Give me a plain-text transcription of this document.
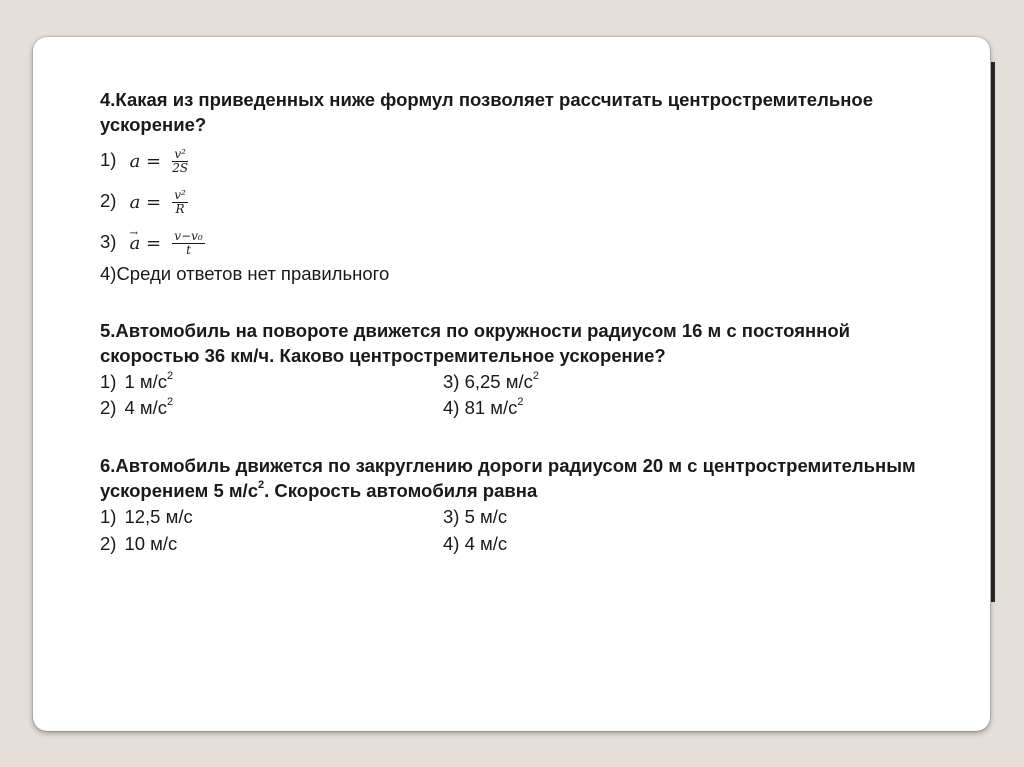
4.Какая из приведенных ниже формул позволяет рассчитать центростремительное
ускорение?
1) $a = \frac{\text{v²}}{2S}$
2) $a = \frac{\text{v²}}{R}$
$3) \to a = \frac{\text{v−v₀}}{t}$
4)Среди ответов нет правильного
5.Автомобиль на повороте движется по окружности радиусом 16 м с постоянной
скоростью 36 км/ч. Каково центростремительное ускорение?
1) 1 $м/с^2$	3) 6,25 $м/с^2$
2) 4 $м/с^2$	4) 81 $м/с^2$
6.Автомобиль движется по закруглению дороги радиусом 20 м с центростремительным
ускорением 5 $м/с^2$. Скорость автомобиля равна
1) 12,5 м/с	3) 5 м/с
2) 10 м/с	4) 4 м/с
